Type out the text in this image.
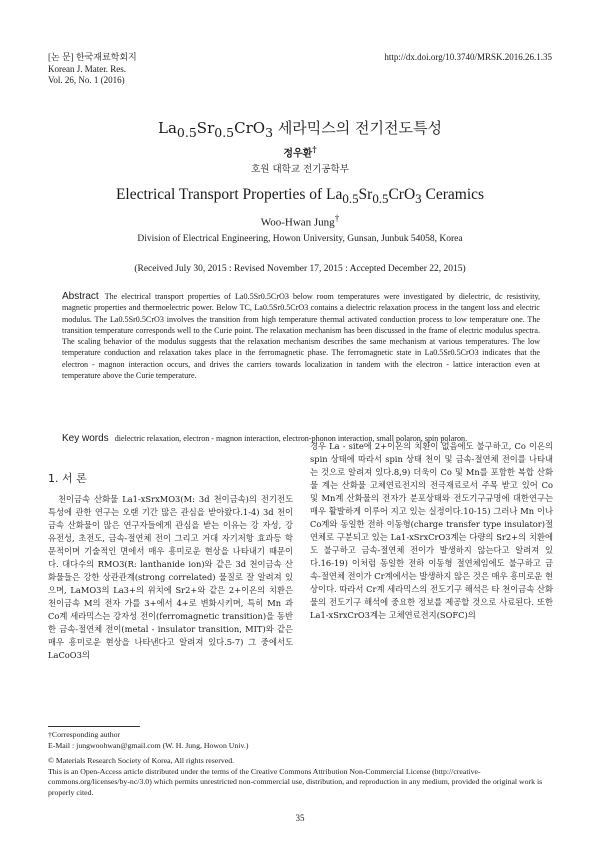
[논 문] 한국재료학회지
Korean J. Mater. Res.
Vol. 26, No. 1 (2016)
http://dx.doi.org/10.3740/MRSK.2016.26.1.35
$La_{0.5}Sr_{0.5}CrO_3$ 세라믹스의 전기전도특성
정우환†
호원 대학교 전기공학부
Electrical Transport Properties of $La_{0.5}Sr_{0.5}CrO_3$ Ceramics
Woo-Hwan Jung†
Division of Electrical Engineering, Howon University, Gunsan, Junbuk 54058, Korea
(Received July 30, 2015 : Revised November 17, 2015 : Accepted December 22, 2015)
Abstract The electrical transport properties of La0.5Sr0.5CrO3 below room temperatures were investigated by dielectric, dc resistivity, magnetic properties and thermoelectric power. Below TC, La0.5Sr0.5CrO3 contains a dielectric relaxation process in the tangent loss and electric modulus. The La0.5Sr0.5CrO3 involves the transition from high temperature thermal activated conduction process to low temperature one. The transition temperature corresponds well to the Curie point. The relaxation mechanism has been discussed in the frame of electric modulus spectra. The scaling behavior of the modulus suggests that the relaxation mechanism describes the same mechanism at various temperatures. The low temperature conduction and relaxation takes place in the ferromagnetic phase. The ferromagnetic state in La0.5Sr0.5CrO3 indicates that the electron - magnon interaction occurs, and drives the carriers towards localization in tandem with the electron - lattice interaction even at temperature above the Curie temperature.
Key words dielectric relaxation, electron - magnon interaction, electron-phonon interaction, small polaron, spin polaron.
1. 서 론

천이금속 산화물 La1-xSrxMO3(M: 3d 천이금속)의 전기전도특성에 관한 연구는 오랜 기간 많은 관심을 받아왔다.1-4) 3d 천이 금속 산화물이 많은 연구자들에게 관심을 받는 이유는 강 자성, 강 유전성, 초전도, 금속-절연체 전이 그리고 거대 자기저항 효과등 학문적이며 기술적인 면에서 매우 흥미로운 현상을 나타내기 때문이다. 대다수의 RMO3(R: lanthanide ion)와 같은 3d 천이금속 산화물들은 강한 상관관계(strong correlated) 물질로 잘 알려져 있으며, LaMO3의 La3+의 위치에 Sr2+와 같은 2+이온의 치환은 천이금속 M의 전자 가를 3+에서 4+로 변화시키며, 특히 Mn 과 Co계 세라믹스는 강자성 전이(ferromagnetic transition)을 동반한 금속-절연체 전이(metal - insulator transition, MIT)와 같은 매우 흥미로운 현상을 나타낸다고 알려져 있다.5-7) 그 중에서도 LaCoO3의

경우 La - site에 2+이온의 치환이 없음에도 불구하고, Co 이온의 spin 상태에 따라서 spin 상태 천이 및 금속-절연체 전이를 나타내는 것으로 알려져 있다.8,9) 더욱이 Co 및 Mn를 포함한 복합 산화물 계는 산화물 고체연료전지의 전극재료로서 주목 받고 있어 Co 및 Mn계 산화물의 전자가 분포상태와 전도기구규명에 대한연구는 매우 활발하게 이루어 지고 있는 실정이다.10-15) 그러나 Mn 이나 Co계와 동일한 전하 이동형(charge transfer type insulator)절연체로 구분되고 있는 La1-xSrxCrO3계는 다량의 Sr2+의 치환에도 불구하고 금속-절연체 전이가 발생하지 않는다고 알려져 있다.16-19) 이처럼 동일한 전하 이동형 절연체임에도 불구하고 금속-절연체 전이가 Cr계에서는 발생하지 않은 것은 매우 흥미로운 현상이다. 따라서 Cr계 세라믹스의 전도기구 해석은 타 천이금속 산화물의 전도기구 해석에 중요한 정보를 제공할 것으로 사료된다. 또한 La1-xSrxCrO3계는 고체연료전지(SOFC)의

†Corresponding author
E-Mail : jungwoohwan@gmail.com (W. H. Jung, Howon Univ.)
© Materials Research Society of Korea, All rights reserved.
This is an Open-Access article distributed under the terms of the Creative Commons Attribution Non-Commercial License (http://creative-commons.org/licenses/by-nc/3.0) which permits unrestricted non-commercial use, distribution, and reproduction in any medium, provided the original work is properly cited.
35
